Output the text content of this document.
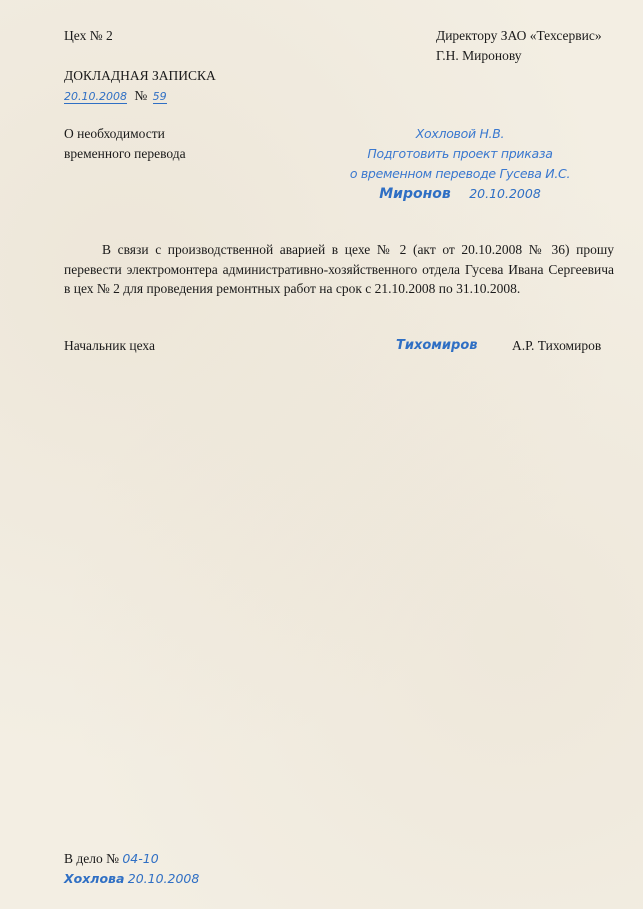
Цех № 2	Директору ЗАО «Техсервис»
Г.Н. Миронову
ДОКЛАДНАЯ ЗАПИСКА
20.10.2008 № 59
О необходимости
временного перевода
Хохловой Н.В.
Подготовить проект приказа
о временном переводе Гусева И.С.
Миронов 20.10.2008
В связи с производственной аварией в цехе № 2 (акт от 20.10.2008 № 36) прошу перевести электромонтера административно-хозяйственного отдела Гусева Ивана Сергеевича в цех № 2 для проведения ремонтных работ на срок с 21.10.2008 по 31.10.2008.
Начальник цеха	Тихомиров	А.Р. Тихомиров
В дело № 04-10
Хохлова 20.10.2008
